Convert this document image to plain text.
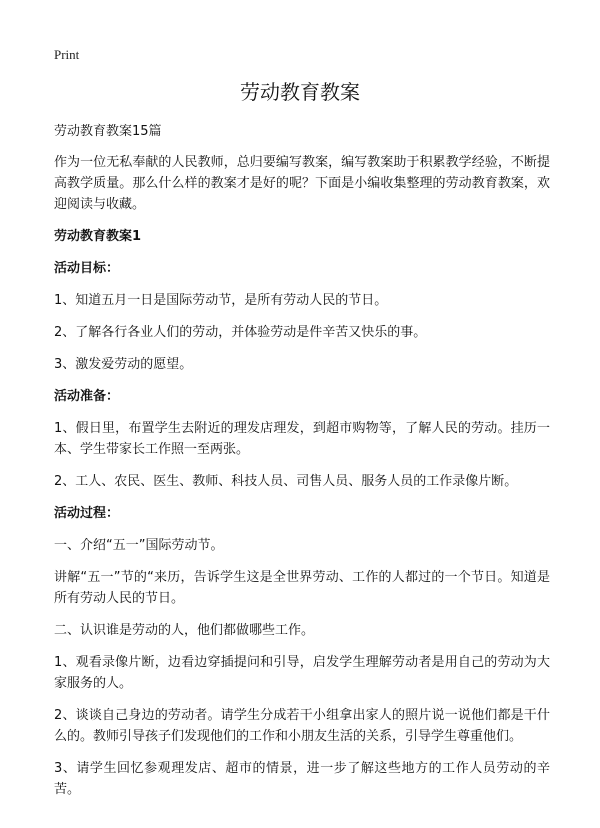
Print
劳动教育教案

劳动教育教案15篇

作为一位无私奉献的人民教师，总归要编写教案，编写教案助于积累教学经验，不断提高教学质量。那么什么样的教案才是好的呢？下面是小编收集整理的劳动教育教案，欢迎阅读与收藏。

劳动教育教案1

活动目标：

1、知道五月一日是国际劳动节，是所有劳动人民的节日。

2、了解各行各业人们的劳动，并体验劳动是件辛苦又快乐的事。

3、激发爱劳动的愿望。

活动准备：

1、假日里，布置学生去附近的理发店理发，到超市购物等，了解人民的劳动。挂历一本、学生带家长工作照一至两张。

2、工人、农民、医生、教师、科技人员、司售人员、服务人员的工作录像片断。

活动过程：

一、介绍“五一”国际劳动节。

讲解“五一”节的“来历，告诉学生这是全世界劳动、工作的人都过的一个节日。知道是所有劳动人民的节日。

二、认识谁是劳动的人，他们都做哪些工作。

1、观看录像片断，边看边穿插提问和引导，启发学生理解劳动者是用自己的劳动为大家服务的人。

2、谈谈自己身边的劳动者。请学生分成若干小组拿出家人的照片说一说他们都是干什么的。教师引导孩子们发现他们的工作和小朋友生活的关系，引导学生尊重他们。

3、请学生回忆参观理发店、超市的情景，进一步了解这些地方的工作人员劳动的辛苦。
